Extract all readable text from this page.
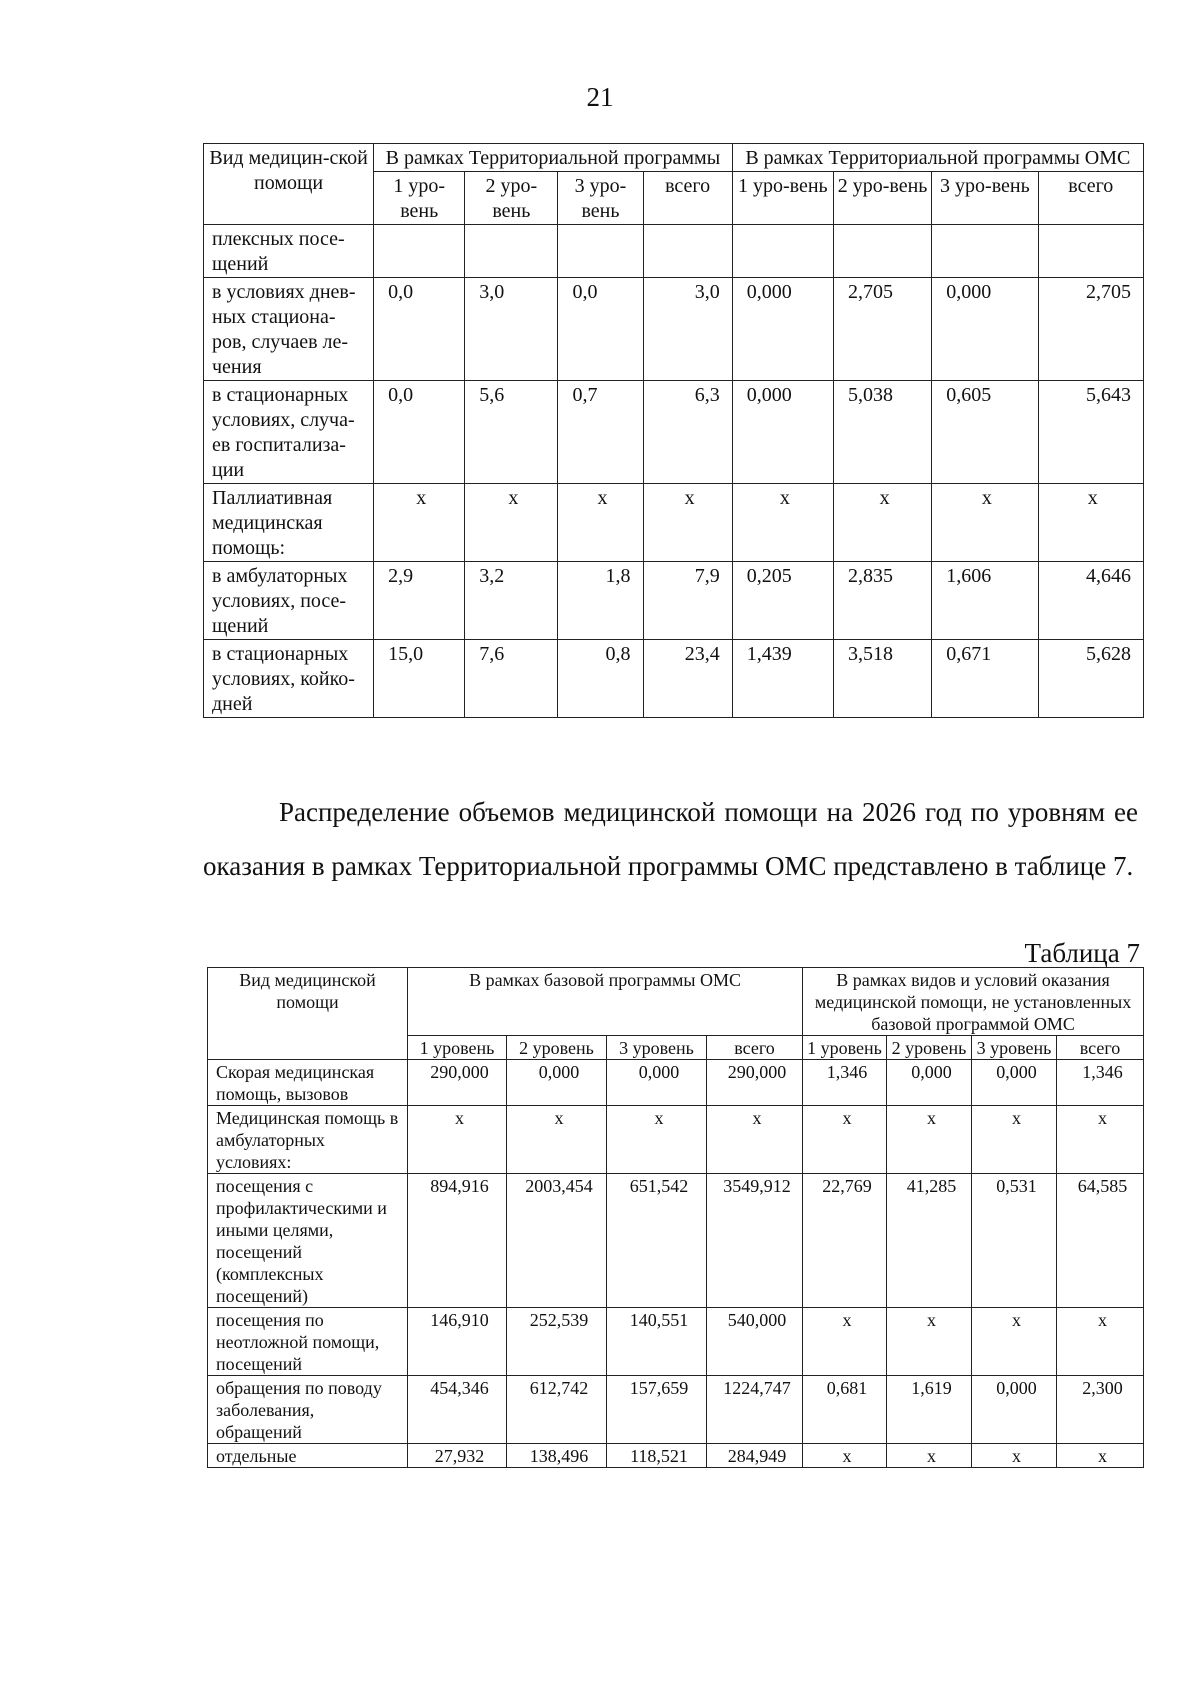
21
Вид медицин-ской помощи	В рамках Территориальной программы				В рамках Территориальной программы ОМС			
	1 уро-вень	2 уро-вень	3 уро-вень	всего	1 уро-вень	2 уро-вень	3 уро-вень	всего
плексных посе-щений								
в условиях днев-ных стациона-ров, случаев ле-чения	0,0	3,0	0,0	3,0	0,000	2,705	0,000	2,705
в стационарных условиях, случа-ев госпитализа-ции	0,0	5,6	0,7	6,3	0,000	5,038	0,605	5,643
Паллиативная медицинская помощь:	х	х	х	х	х	х	х	х
в амбулаторных условиях, посе-щений	2,9	3,2	1,8	7,9	0,205	2,835	1,606	4,646
в стационарных условиях, койко-дней	15,0	7,6	0,8	23,4	1,439	3,518	0,671	5,628
Распределение объемов медицинской помощи на 2026 год по уровням ее оказания в рамках Территориальной программы ОМС представлено в таблице 7.
Таблица 7
Вид медицинской помощи	В рамках базовой программы ОМС				В рамках видов и условий оказания медицинской помощи, не установленных базовой программой ОМС			
	1 уровень	2 уровень	3 уровень	всего	1 уровень	2 уровень	3 уровень	всего
Скорая медицинская помощь, вызовов	290,000	0,000	0,000	290,000	1,346	0,000	0,000	1,346
Медицинская помощь в амбулаторных условиях:	х	х	х	х	х	х	х	х
посещения с профилактическими и иными целями, посещений (комплексных посещений)	894,916	2003,454	651,542	3549,912	22,769	41,285	0,531	64,585
посещения по неотложной помощи, посещений	146,910	252,539	140,551	540,000	х	х	х	х
обращения по поводу заболевания, обращений	454,346	612,742	157,659	1224,747	0,681	1,619	0,000	2,300
отдельные	27,932	138,496	118,521	284,949	х	х	х	х
